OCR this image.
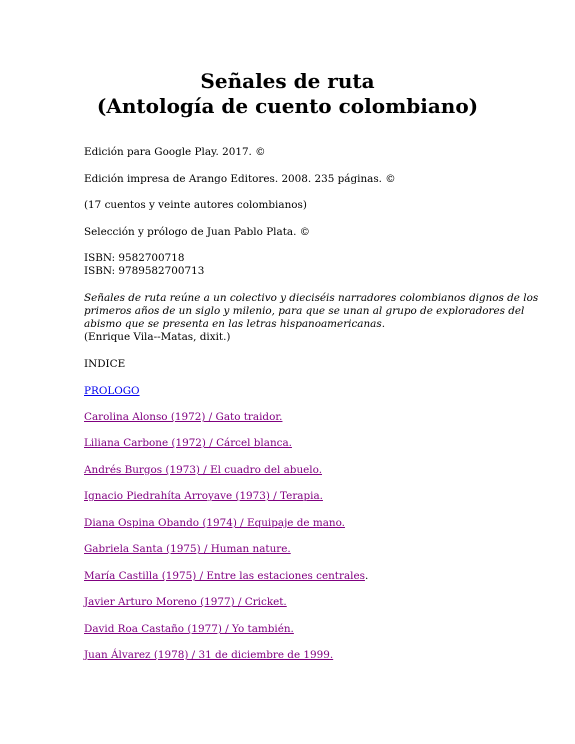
Señales de ruta
(Antología de cuento colombiano)
Edición para Google Play. 2017. ©
Edición impresa de Arango Editores. 2008. 235 páginas. ©
(17 cuentos y veinte autores colombianos)
Selección y prólogo de Juan Pablo Plata. ©
ISBN: 9582700718
ISBN: 9789582700713
Señales de ruta reúne a un colectivo y dieciséis narradores colombianos dignos de los
primeros años de un siglo y milenio, para que se unan al grupo de exploradores del
abismo que se presenta en las letras hispanoamericanas.
(Enrique Vila--Matas, dixit.)
INDICE
PROLOGO
Carolina Alonso (1972) / Gato traidor.
Liliana Carbone (1972) / Cárcel blanca.
Andrés Burgos (1973) / El cuadro del abuelo.
Ignacio Piedrahíta Arroyave (1973) / Terapia.
Diana Ospina Obando (1974) / Equipaje de mano.
Gabriela Santa (1975) / Human nature.
María Castilla (1975) / Entre las estaciones centrales.
Javier Arturo Moreno (1977) / Cricket.
David Roa Castaño (1977) / Yo también.
Juan Álvarez (1978) / 31 de diciembre de 1999.
